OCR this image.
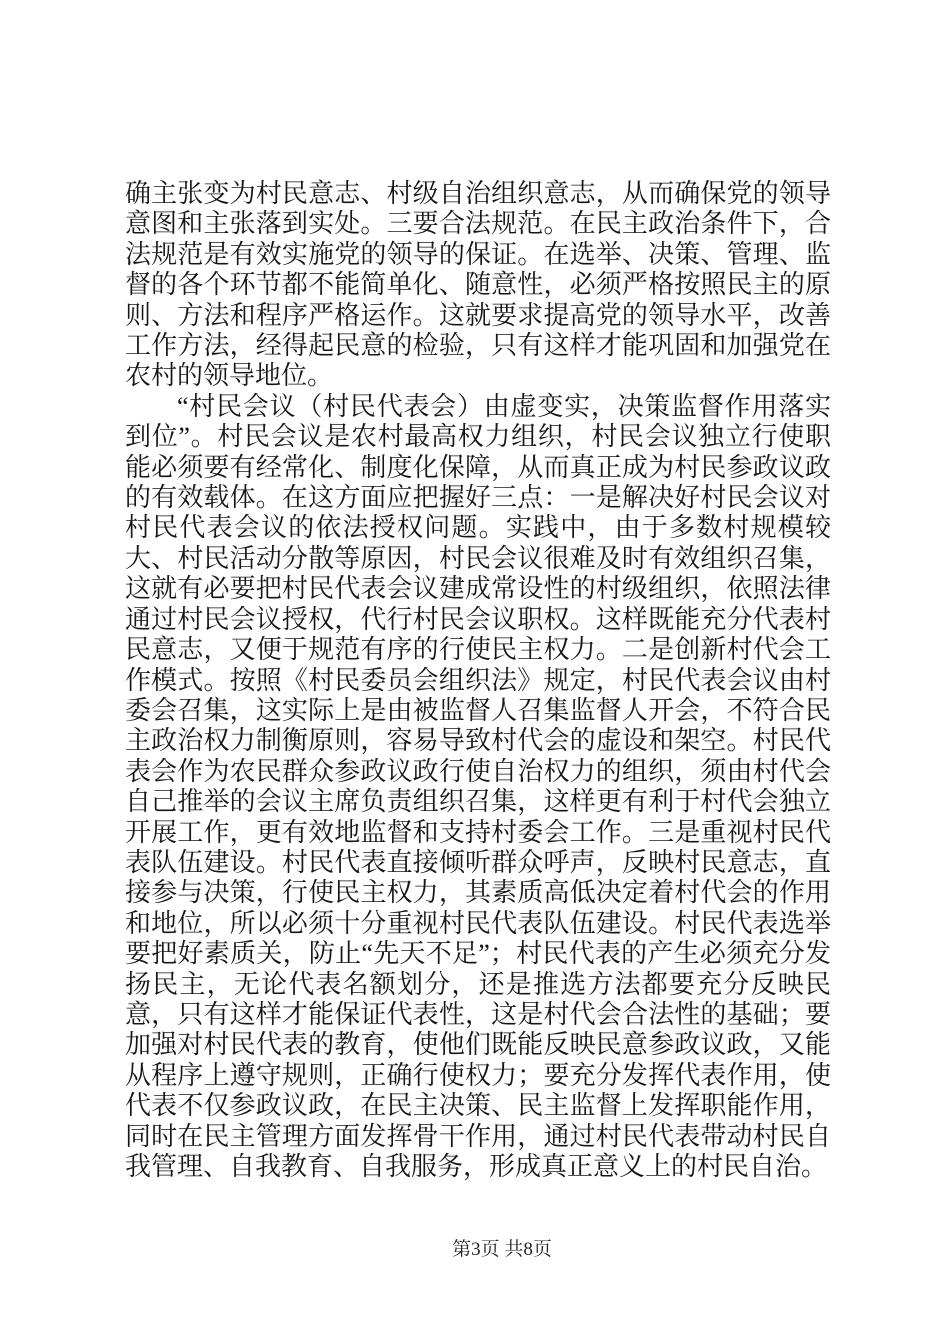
确主张变为村民意志、村级自治组织意志，从而确保党的领导意图和主张落到实处。三要合法规范。在民主政治条件下，合法规范是有效实施党的领导的保证。在选举、决策、管理、监督的各个环节都不能简单化、随意性，必须严格按照民主的原则、方法和程序严格运作。这就要求提高党的领导水平，改善工作方法，经得起民意的检验，只有这样才能巩固和加强党在农村的领导地位。

“村民会议（村民代表会）由虚变实，决策监督作用落实到位”。村民会议是农村最高权力组织，村民会议独立行使职能必须要有经常化、制度化保障，从而真正成为村民参政议政的有效载体。在这方面应把握好三点：一是解决好村民会议对村民代表会议的依法授权问题。实践中，由于多数村规模较大、村民活动分散等原因，村民会议很难及时有效组织召集，这就有必要把村民代表会议建成常设性的村级组织，依照法律通过村民会议授权，代行村民会议职权。这样既能充分代表村民意志，又便于规范有序的行使民主权力。二是创新村代会工作模式。按照《村民委员会组织法》规定，村民代表会议由村委会召集，这实际上是由被监督人召集监督人开会，不符合民主政治权力制衡原则，容易导致村代会的虚设和架空。村民代表会作为农民群众参政议政行使自治权力的组织，须由村代会自己推举的会议主席负责组织召集，这样更有利于村代会独立开展工作，更有效地监督和支持村委会工作。三是重视村民代表队伍建设。村民代表直接倾听群众呼声，反映村民意志，直接参与决策，行使民主权力，其素质高低决定着村代会的作用和地位，所以必须十分重视村民代表队伍建设。村民代表选举要把好素质关，防止“先天不足”；村民代表的产生必须充分发扬民主，无论代表名额划分，还是推选方法都要充分反映民意，只有这样才能保证代表性，这是村代会合法性的基础；要加强对村民代表的教育，使他们既能反映民意参政议政，又能从程序上遵守规则，正确行使权力；要充分发挥代表作用，使代表不仅参政议政，在民主决策、民主监督上发挥职能作用，同时在民主管理方面发挥骨干作用，通过村民代表带动村民自我管理、自我教育、自我服务，形成真正意义上的村民自治。

第3页 共8页
